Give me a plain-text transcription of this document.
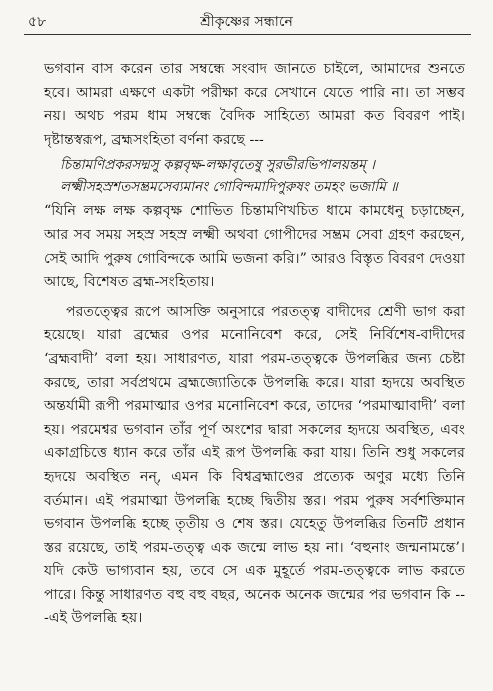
৫৮	শ্রীকৃষ্ণের সন্ধানে

ভগবান বাস করেন তার সম্বন্ধে সংবাদ জানতে চাইলে, আমাদের শুনতে হবে। আমরা এক্ষণে একটা পরীক্ষা করে সেখানে যেতে পারি না। তা সম্ভব নয়। অথচ পরম ধাম সম্বন্ধে বৈদিক সাহিত্যে আমরা কত বিবরণ পাই। দৃষ্টান্তস্বরূপ, ব্রহ্মসংহিতা বর্ণনা করছে ---

চিন্তামণিপ্রকরসদ্মসু কল্পবৃক্ষ-লক্ষাবৃতেষু সুরভীরভিপালয়ন্তম্ ।
লক্ষ্মীসহস্রশতসম্ভ্রমসেব্যমানং গোবিন্দমাদিপুরুষং তমহং ভজামি ॥

“যিনি লক্ষ লক্ষ কল্পবৃক্ষ শোভিত চিন্তামণিখচিত ধামে কামধেনু চড়াচ্ছেন, আর সব সময় সহস্র সহস্র লক্ষ্মী অথবা গোপীদের সম্ভ্রম সেবা গ্রহণ করছেন, সেই আদি পুরুষ গোবিন্দকে আমি ভজনা করি।” আরও বিস্তৃত বিবরণ দেওয়া আছে, বিশেষত ব্রহ্ম-সংহিতায়।

পরতত্ত্বের রূপে আসক্তি অনুসারে পরতত্ত্ব বাদীদের শ্রেণী ভাগ করা হয়েছে। যারা ব্রহ্মের ওপর মনোনিবেশ করে, সেই নির্বিশেষ-বাদীদের ‘ব্রহ্মবাদী’ বলা হয়। সাধারণত, যারা পরম-তত্ত্বকে উপলব্ধির জন্য চেষ্টা করছে, তারা সর্বপ্রথমে ব্রহ্মজ্যোতিকে উপলব্ধি করে। যারা হৃদয়ে অবস্থিত অন্তর্যামী রূপী পরমাত্মার ওপর মনোনিবেশ করে, তাদের ‘পরমাত্মাবাদী’ বলা হয়। পরমেশ্বর ভগবান তাঁর পূর্ণ অংশের দ্বারা সকলের হৃদয়ে অবস্থিত, এবং একাগ্রচিত্তে ধ্যান করে তাঁর এই রূপ উপলব্ধি করা যায়। তিনি শুধু সকলের হৃদয়ে অবস্থিত নন্, এমন কি বিশ্বব্রহ্মাণ্ডের প্রত্যেক অণুর মধ্যে তিনি বর্তমান। এই পরমাত্মা উপলব্ধি হচ্ছে দ্বিতীয় স্তর। পরম পুরুষ সর্বশক্তিমান ভগবান উপলব্ধি হচ্ছে তৃতীয় ও শেষ স্তর। যেহেতু উপলব্ধির তিনটি প্রধান স্তর রয়েছে, তাই পরম-তত্ত্ব এক জন্মে লাভ হয় না। ‘বহুনাং জন্মনামন্তে’। যদি কেউ ভাগ্যবান হয়, তবে সে এক মুহূর্তে পরম-তত্ত্বকে লাভ করতে পারে। কিন্তু সাধারণত বহু বহু বছর, অনেক অনেক জন্মের পর ভগবান কি ---এই উপলব্ধি হয়।
